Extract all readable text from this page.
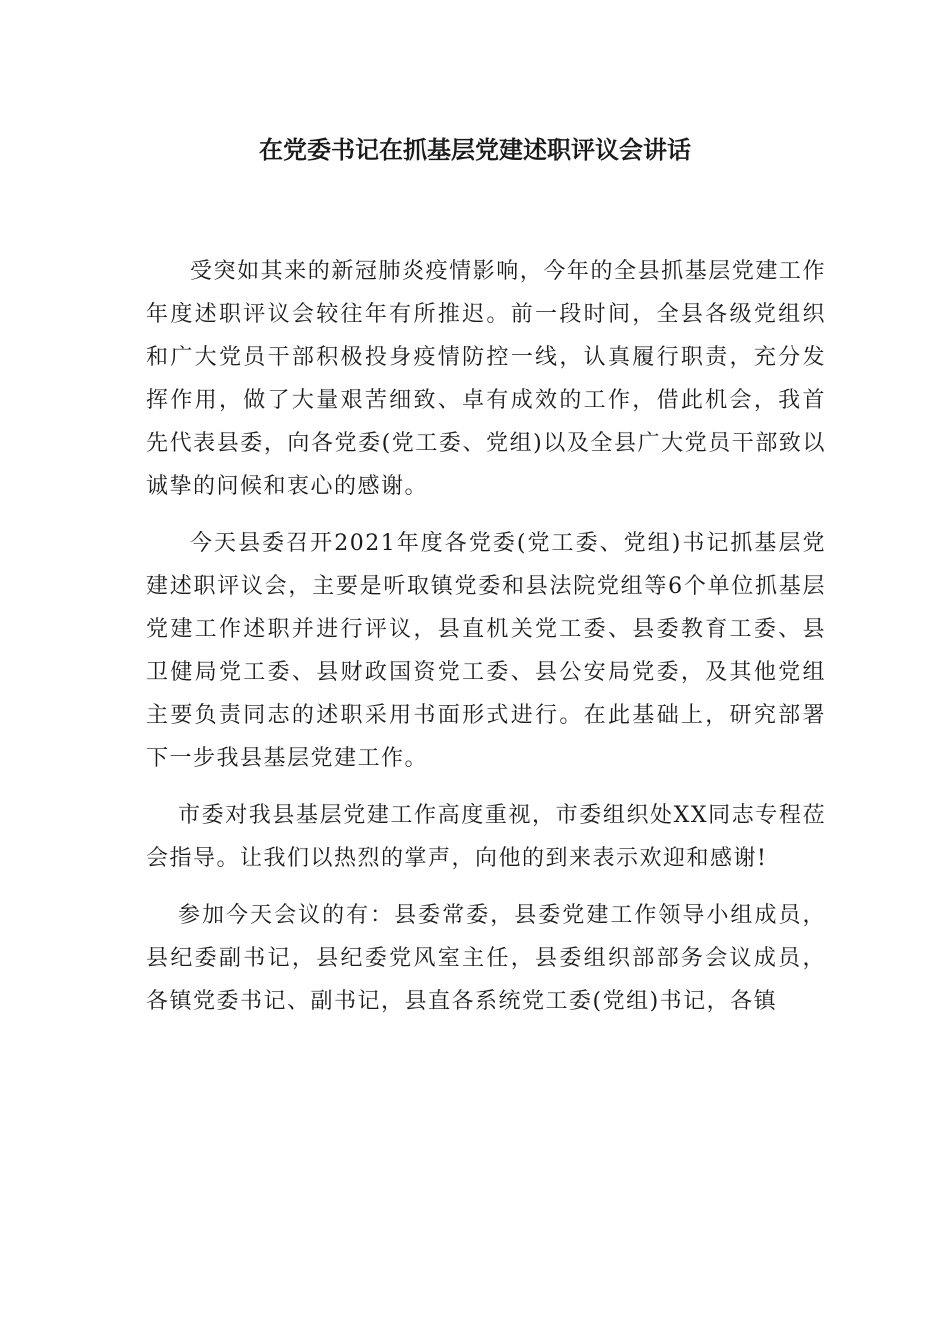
在党委书记在抓基层党建述职评议会讲话

受突如其来的新冠肺炎疫情影响，今年的全县抓基层党建工作年度述职评议会较往年有所推迟。前一段时间，全县各级党组织和广大党员干部积极投身疫情防控一线，认真履行职责，充分发挥作用，做了大量艰苦细致、卓有成效的工作，借此机会，我首先代表县委，向各党委(党工委、党组)以及全县广大党员干部致以诚挚的问候和衷心的感谢。

今天县委召开2021年度各党委(党工委、党组)书记抓基层党建述职评议会，主要是听取镇党委和县法院党组等6个单位抓基层党建工作述职并进行评议，县直机关党工委、县委教育工委、县卫健局党工委、县财政国资党工委、县公安局党委，及其他党组主要负责同志的述职采用书面形式进行。在此基础上，研究部署下一步我县基层党建工作。

市委对我县基层党建工作高度重视，市委组织处XX同志专程莅会指导。让我们以热烈的掌声，向他的到来表示欢迎和感谢!

参加今天会议的有：县委常委，县委党建工作领导小组成员，县纪委副书记，县纪委党风室主任，县委组织部部务会议成员，各镇党委书记、副书记，县直各系统党工委(党组)书记，各镇
